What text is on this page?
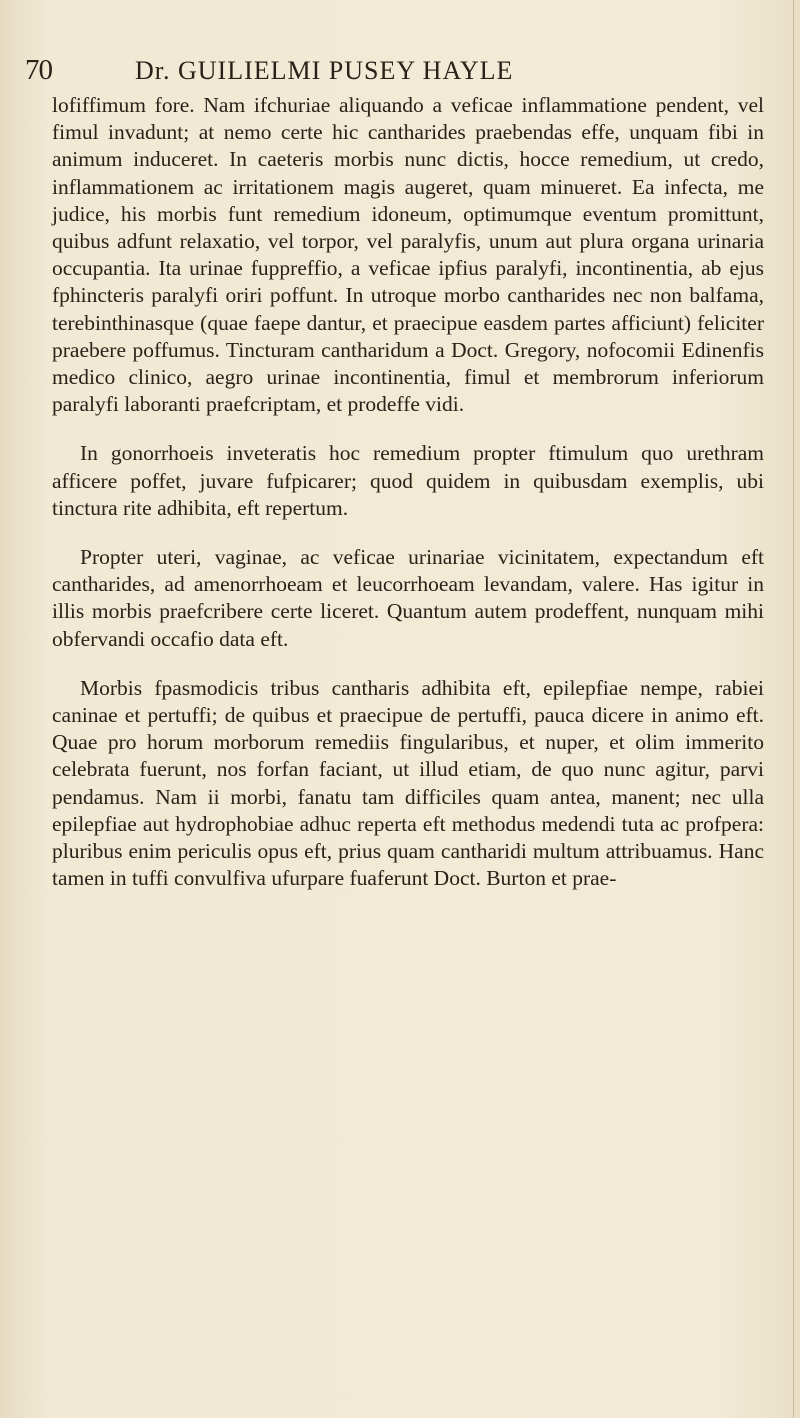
70	Dr. GUILIELMI PUSEY HAYLE

lofiffimum fore. Nam ifchuriae aliquando a veficae inflammatione pendent, vel fimul invadunt; at nemo certe hic cantharides praebendas effe, unquam fibi in animum induceret. In caeteris morbis nunc dictis, hocce remedium, ut credo, inflammationem ac irritationem magis augeret, quam minueret. Ea infecta, me judice, his morbis funt remedium idoneum, optimumque eventum promittunt, quibus adfunt relaxatio, vel torpor, vel paralyfis, unum aut plura organa urinaria occupantia. Ita urinae fuppreffio, a veficae ipfius paralyfi, incontinentia, ab ejus fphincteris paralyfi oriri poffunt. In utroque morbo cantharides nec non balfama, terebinthinasque (quae faepe dantur, et praecipue easdem partes afficiunt) feliciter praebere poffumus. Tincturam cantharidum a Doct. Gregory, nofocomii Edinenfis medico clinico, aegro urinae incontinentia, fimul et membrorum inferiorum paralyfi laboranti praefcriptam, et prodeffe vidi.

In gonorrhoeis inveteratis hoc remedium propter ftimulum quo urethram afficere poffet, juvare fufpicarer; quod quidem in quibusdam exemplis, ubi tinctura rite adhibita, eft repertum.

Propter uteri, vaginae, ac veficae urinariae vicinitatem, expectandum eft cantharides, ad amenorrhoeam et leucorrhoeam levandam, valere. Has igitur in illis morbis praefcribere certe liceret. Quantum autem prodeffent, nunquam mihi obfervandi occafio data eft.

Morbis fpasmodicis tribus cantharis adhibita eft, epilepfiae nempe, rabiei caninae et pertuffi; de quibus et praecipue de pertuffi, pauca dicere in animo eft. Quae pro horum morborum remediis fingularibus, et nuper, et olim immerito celebrata fuerunt, nos forfan faciant, ut illud etiam, de quo nunc agitur, parvi pendamus. Nam ii morbi, fanatu tam difficiles quam antea, manent; nec ulla epilepfiae aut hydrophobiae adhuc reperta eft methodus medendi tuta ac profpera: pluribus enim periculis opus eft, prius quam cantharidi multum attribuamus. Hanc tamen in tuffi convulfiva ufurpare fuaferunt Doct. Burton et prae-
